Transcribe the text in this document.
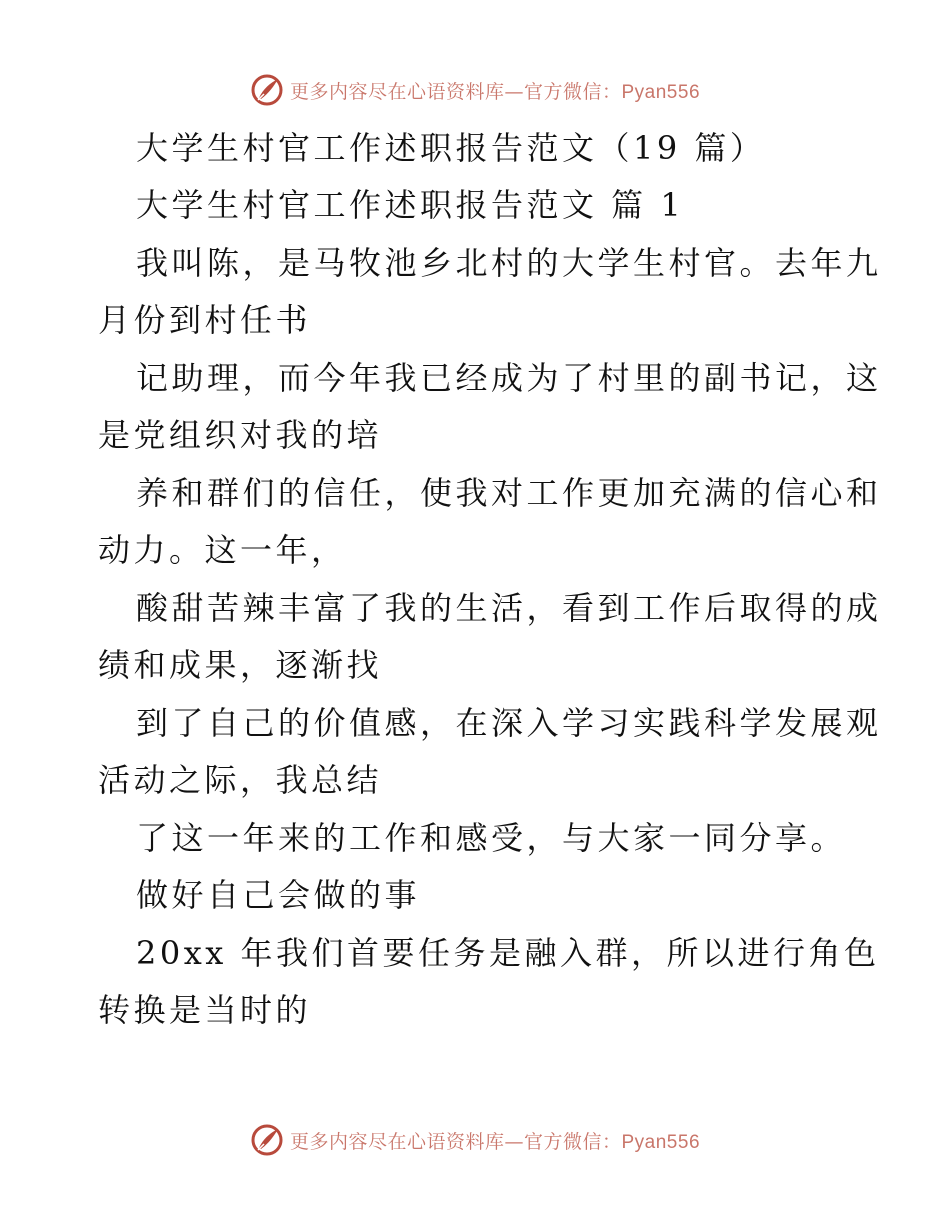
更多内容尽在心语资料库—官方微信：Pyan556
大学生村官工作述职报告范文（19 篇）
大学生村官工作述职报告范文 篇 1
我叫陈，是马牧池乡北村的大学生村官。去年九
月份到村任书
记助理，而今年我已经成为了村里的副书记，这
是党组织对我的培
养和群们的信任，使我对工作更加充满的信心和
动力。这一年，
酸甜苦辣丰富了我的生活，看到工作后取得的成
绩和成果，逐渐找
到了自己的价值感，在深入学习实践科学发展观
活动之际，我总结
了这一年来的工作和感受，与大家一同分享。
做好自己会做的事
20xx 年我们首要任务是融入群，所以进行角色
转换是当时的
更多内容尽在心语资料库—官方微信：Pyan556
